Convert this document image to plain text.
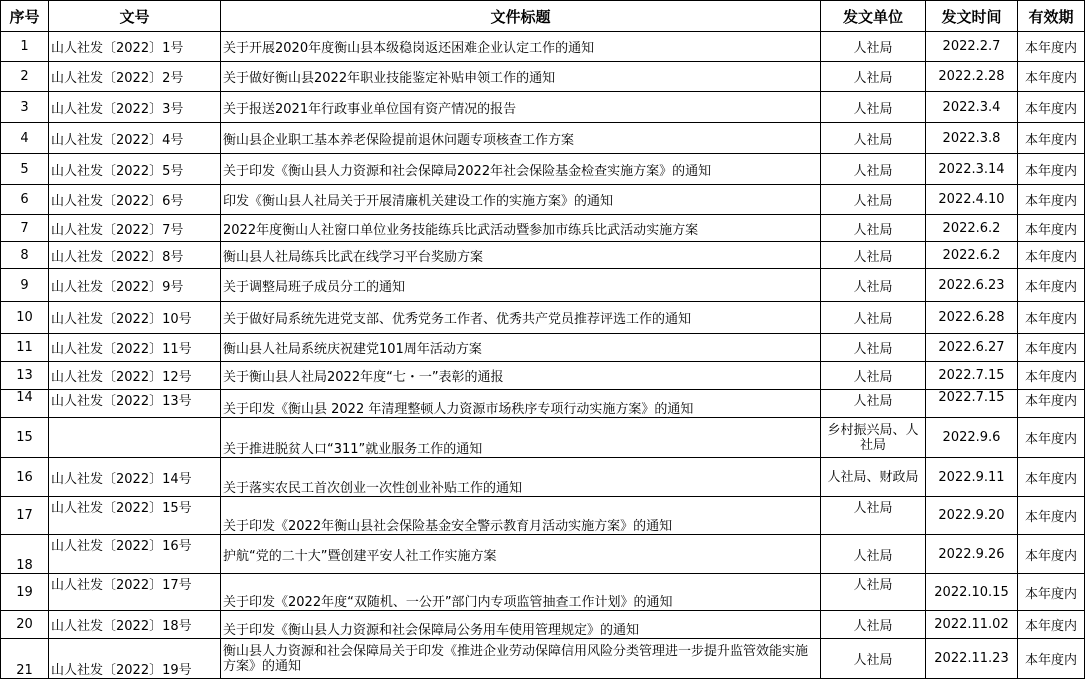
序号	文号	文件标题	发文单位	发文时间	有效期
1	山人社发〔2022〕1号	关于开展2020年度衡山县本级稳岗返还困难企业认定工作的通知	人社局	2022.2.7	本年度内
2	山人社发〔2022〕2号	关于做好衡山县2022年职业技能鉴定补贴申领工作的通知	人社局	2022.2.28	本年度内
3	山人社发〔2022〕3号	关于报送2021年行政事业单位国有资产情况的报告	人社局	2022.3.4	本年度内
4	山人社发〔2022〕4号	衡山县企业职工基本养老保险提前退休问题专项核查工作方案	人社局	2022.3.8	本年度内
5	山人社发〔2022〕5号	关于印发《衡山县人力资源和社会保障局2022年社会保险基金检查实施方案》的通知	人社局	2022.3.14	本年度内
6	山人社发〔2022〕6号	印发《衡山县人社局关于开展清廉机关建设工作的实施方案》的通知	人社局	2022.4.10	本年度内
7	山人社发〔2022〕7号	2022年度衡山人社窗口单位业务技能练兵比武活动暨参加市练兵比武活动实施方案	人社局	2022.6.2	本年度内
8	山人社发〔2022〕8号	衡山县人社局练兵比武在线学习平台奖励方案	人社局	2022.6.2	本年度内
9	山人社发〔2022〕9号	关于调整局班子成员分工的通知	人社局	2022.6.23	本年度内
10	山人社发〔2022〕10号	关于做好局系统先进党支部、优秀党务工作者、优秀共产党员推荐评选工作的通知	人社局	2022.6.28	本年度内
11	山人社发〔2022〕11号	衡山县人社局系统庆祝建党101周年活动方案	人社局	2022.6.27	本年度内
13	山人社发〔2022〕12号	关于衡山县人社局2022年度“七・一”表彰的通报	人社局	2022.7.15	本年度内
14	山人社发〔2022〕13号	关于印发《衡山县 2022 年清理整顿人力资源市场秩序专项行动实施方案》的通知	人社局	2022.7.15	本年度内
15		关于推进脱贫人口“311”就业服务工作的通知	乡村振兴局、人社局	2022.9.6	本年度内
16	山人社发〔2022〕14号	关于落实农民工首次创业一次性创业补贴工作的通知	人社局、财政局	2022.9.11	本年度内
17	山人社发〔2022〕15号	关于印发《2022年衡山县社会保险基金安全警示教育月活动实施方案》的通知	人社局	2022.9.20	本年度内
18	山人社发〔2022〕16号	护航“党的二十大”暨创建平安人社工作实施方案	人社局	2022.9.26	本年度内
19	山人社发〔2022〕17号	关于印发《2022年度“双随机、一公开”部门内专项监管抽查工作计划》的通知	人社局	2022.10.15	本年度内
20	山人社发〔2022〕18号	关于印发《衡山县人力资源和社会保障局公务用车使用管理规定》的通知	人社局	2022.11.02	本年度内
21	山人社发〔2022〕19号	衡山县人力资源和社会保障局关于印发《推进企业劳动保障信用风险分类管理进一步提升监管效能实施方案》的通知	人社局	2022.11.23	本年度内
